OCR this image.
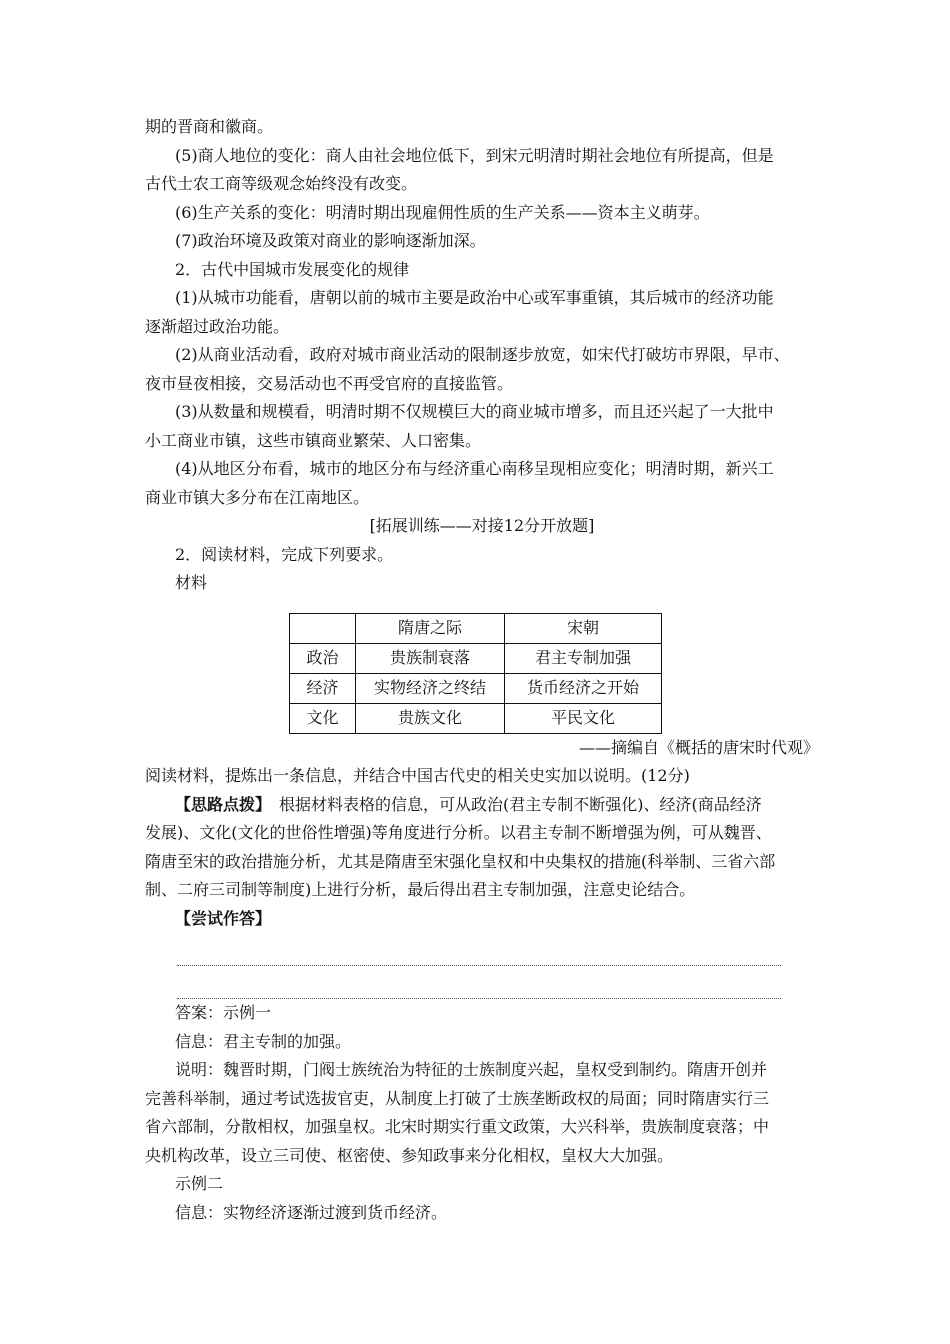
期的晋商和徽商。

(5)商人地位的变化：商人由社会地位低下，到宋元明清时期社会地位有所提高，但是

古代士农工商等级观念始终没有改变。

(6)生产关系的变化：明清时期出现雇佣性质的生产关系——资本主义萌芽。

(7)政治环境及政策对商业的影响逐渐加深。

2．古代中国城市发展变化的规律

(1)从城市功能看，唐朝以前的城市主要是政治中心或军事重镇，其后城市的经济功能

逐渐超过政治功能。

(2)从商业活动看，政府对城市商业活动的限制逐步放宽，如宋代打破坊市界限，早市、

夜市昼夜相接，交易活动也不再受官府的直接监管。

(3)从数量和规模看，明清时期不仅规模巨大的商业城市增多，而且还兴起了一大批中

小工商业市镇，这些市镇商业繁荣、人口密集。

(4)从地区分布看，城市的地区分布与经济重心南移呈现相应变化；明清时期，新兴工

商业市镇大多分布在江南地区。

[拓展训练——对接12分开放题]

2．阅读材料，完成下列要求。

材料

	隋唐之际	宋朝
政治	贵族制衰落	君主专制加强
经济	实物经济之终结	货币经济之开始
文化	贵族文化	平民文化

——摘编自《概括的唐宋时代观》

阅读材料，提炼出一条信息，并结合中国古代史的相关史实加以说明。(12分)

【思路点拨】　根据材料表格的信息，可从政治(君主专制不断强化)、经济(商品经济

发展)、文化(文化的世俗性增强)等角度进行分析。以君主专制不断增强为例，可从魏晋、

隋唐至宋的政治措施分析，尤其是隋唐至宋强化皇权和中央集权的措施(科举制、三省六部

制、二府三司制等制度)上进行分析，最后得出君主专制加强，注意史论结合。

【尝试作答】

答案：示例一

信息：君主专制的加强。

说明：魏晋时期，门阀士族统治为特征的士族制度兴起，皇权受到制约。隋唐开创并

完善科举制，通过考试选拔官吏，从制度上打破了士族垄断政权的局面；同时隋唐实行三

省六部制，分散相权，加强皇权。北宋时期实行重文政策，大兴科举，贵族制度衰落；中

央机构改革，设立三司使、枢密使、参知政事来分化相权，皇权大大加强。

示例二

信息：实物经济逐渐过渡到货币经济。
